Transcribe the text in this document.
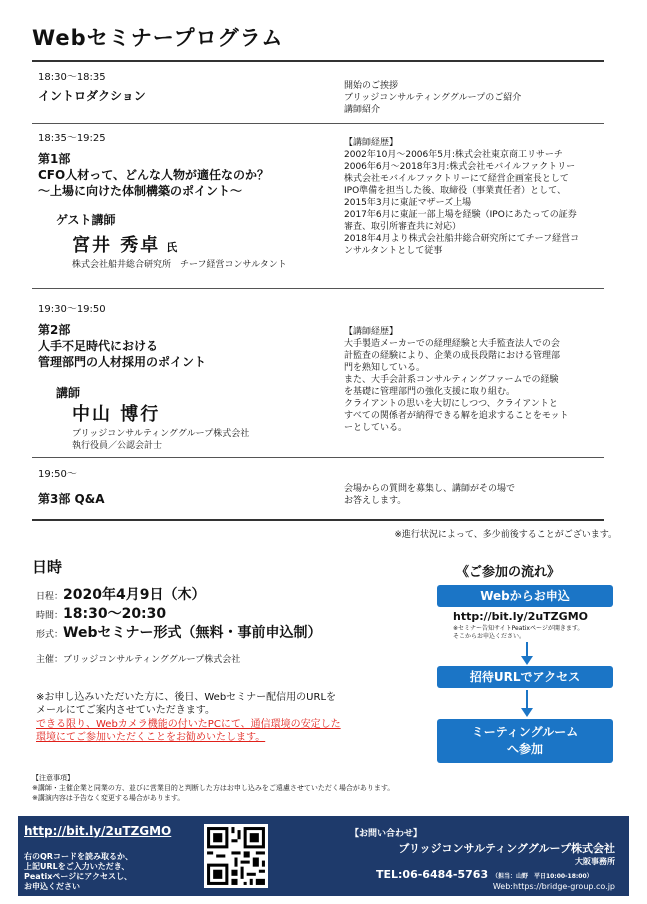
Webセミナープログラム
18:30～18:35
イントロダクション

開始のご挨拶

ブリッジコンサルティンググループのご紹介

講師紹介

18:35～19:25
第1部
CFO人材って、どんな人物が適任なのか？
～上場に向けた体制構築のポイント～
ゲスト講師
宮井 秀卓 氏
株式会社船井総合研究所　チーフ経営コンサルタント

【講師経歴】

2002年10月～2006年5月:株式会社東京商工リサーチ

2006年6月～2018年3月:株式会社モバイルファクトリー

株式会社モバイルファクトリーにて経営企画室長として

IPO準備を担当した後、取締役（事業責任者）として、

2015年3月に東証マザーズ上場

2017年6月に東証一部上場を経験（IPOにあたっての証券

審査、取引所審査共に対応）

2018年4月より株式会社船井総合研究所にてチーフ経営コ

ンサルタントとして従事

19:30～19:50
第2部
人手不足時代における
管理部門の人材採用のポイント
講師
中山 博行
ブリッジコンサルティンググループ株式会社
執行役員／公認会計士

【講師経歴】

大手製造メーカーでの経理経験と大手監査法人での会

計監査の経験により、企業の成長段階における管理部

門を熟知している。

また、大手会計系コンサルティングファームでの経験

を基礎に管理部門の強化支援に取り組む。

クライアントの思いを大切にしつつ、クライアントと

すべての関係者が納得できる解を追求することをモット

ーとしている。

19:50～
第3部 Q&A

会場からの質問を募集し、講師がその場で

お答えします。

※進行状況によって、多少前後することがございます。
日時
日程：2020年4月9日（木）
時間：18:30～20:30
形式：Webセミナー形式（無料・事前申込制）
主催：ブリッジコンサルティンググループ株式会社

※お申し込みいただいた方に、後日、Webセミナー配信用のURLを

メールにてご案内させていただきます。

できる限り、Webカメラ機能の付いたPCにて、通信環境の安定した

環境にてご参加いただくことをお勧めいたします。

【注意事項】

※講師・主催企業と同業の方、並びに営業目的と判断した方はお申し込みをご遠慮させていただく場合があります。

※講演内容は予告なく変更する場合があります。

《ご参加の流れ》
Webからお申込
http://bit.ly/2uTZGMO

※セミナー告知サイトPeatixページが開きます。

そこからお申込ください。

招待URLでアクセス

ミーティングルーム

へ参加

http://bit.ly/2uTZGMO

右のQRコードを読み取るか、

上記URLをご入力いただき、

Peatixページにアクセスし、

お申込ください

【お問い合わせ】
ブリッジコンサルティンググループ株式会社
大阪事務所
TEL:06-6484-5763 （担当：山野　平日10:00-18:00）
Web:https://bridge-group.co.jp
